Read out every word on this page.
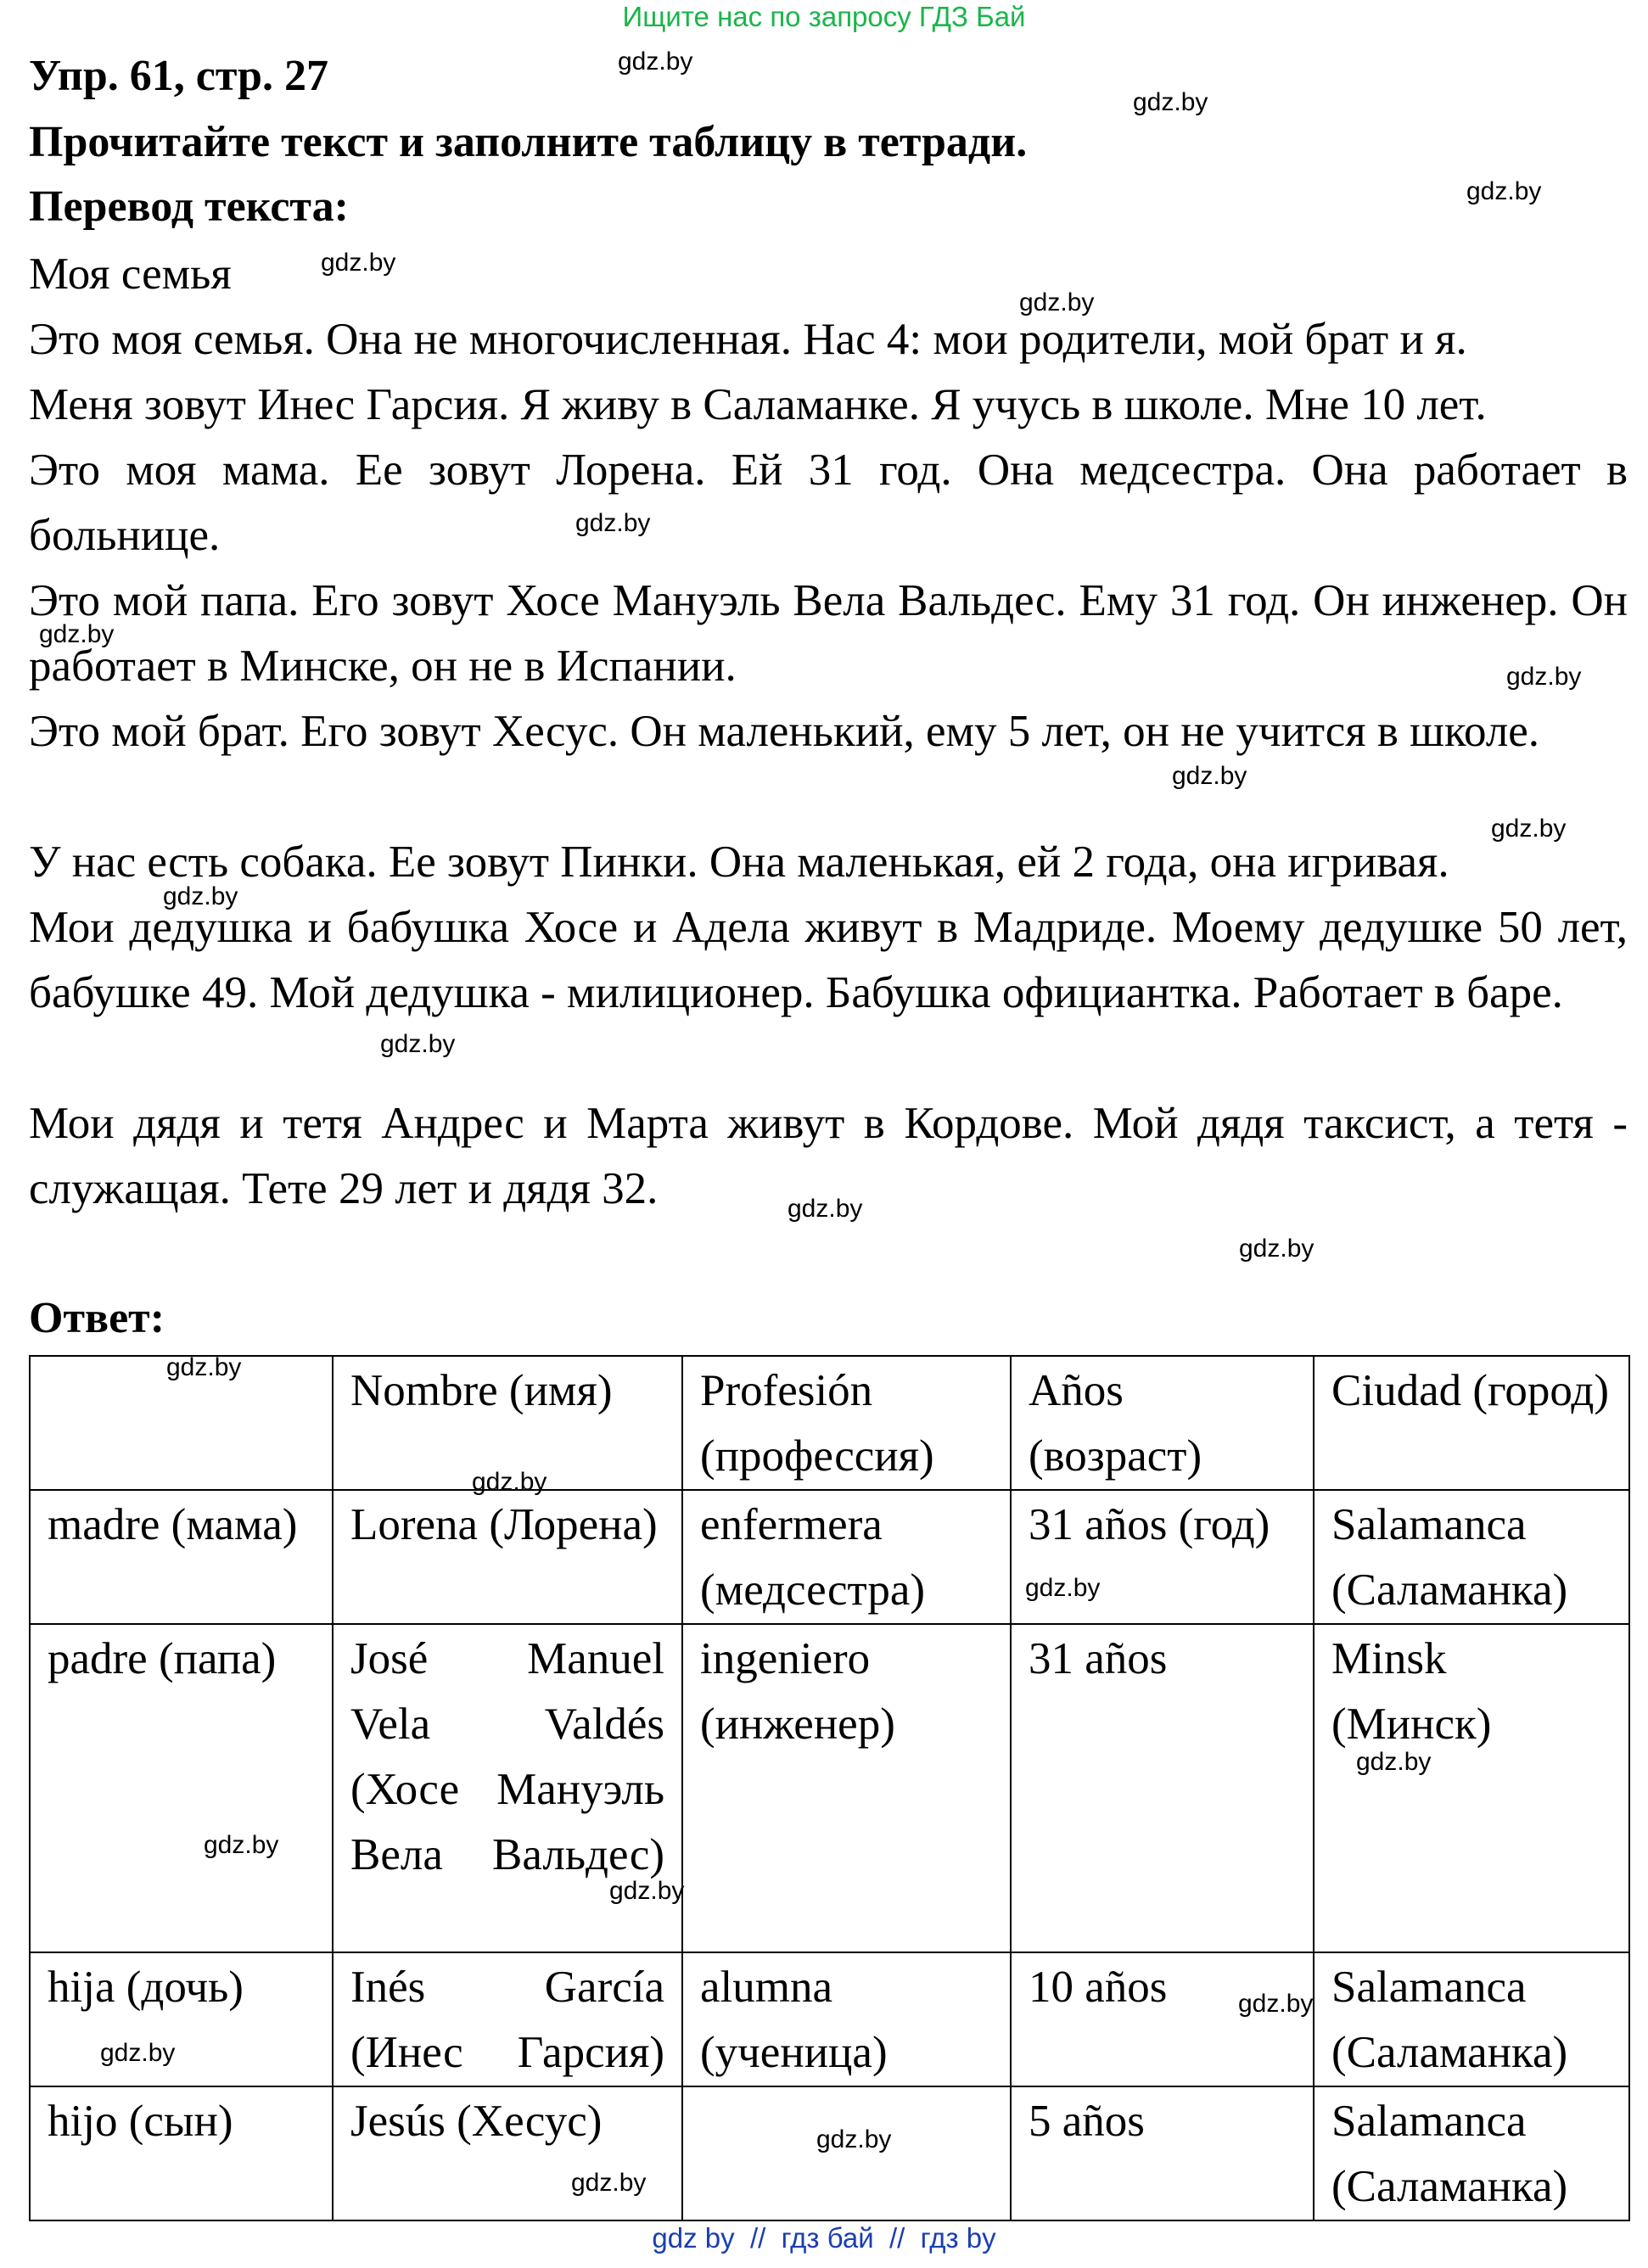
Ищите нас по запросу ГДЗ Бай
Упр. 61, стр. 27
Прочитайте текст и заполните таблицу в тетради.
Перевод текста:
Моя семья
Это моя семья. Она не многочисленная. Нас 4: мои родители, мой брат и я.
Меня зовут Инес Гарсия. Я живу в Саламанке. Я учусь в школе. Мне 10 лет.
Это моя мама. Ее зовут Лорена. Ей 31 год. Она медсестра. Она работает в больнице.
Это мой папа. Его зовут Хосе Мануэль Вела Вальдес. Ему 31 год. Он инженер. Он работает в Минске, он не в Испании.
Это мой брат. Его зовут Хесус. Он маленький, ему 5 лет, он не учится в школе.
У нас есть собака. Ее зовут Пинки. Она маленькая, ей 2 года, она игривая.
Мои дедушка и бабушка Хосе и Адела живут в Мадриде. Моему дедушке 50 лет, бабушке 49. Мой дедушка - милиционер. Бабушка официантка. Работает в баре.
Мои дядя и тетя Андрес и Марта живут в Кордове. Мой дядя таксист, а тетя - служащая. Тете 29 лет и дядя 32.
Ответ:
	Nombre (имя)	Profesión (профессия)	Años (возраст)	Ciudad (город)
madre (мама)	Lorena (Лорена)	enfermera (медсестра)	31 años (год)	Salamanca (Саламанка)
padre (папа)	José Manuel Vela Valdés (Хосе Мануэль Вела Вальдес)	ingeniero (инженер)	31 años	Minsk (Минск)
hija (дочь)	Inés García (Инес Гарсия)	alumna (ученица)	10 años	Salamanca (Саламанка)
hijo (сын)	Jesús (Хесус)		5 años	Salamanca (Саламанка)
gdz.by
gdz.by
gdz.by
gdz.by
gdz.by
gdz.by
gdz.by
gdz.by
gdz.by
gdz.by
gdz.by
gdz.by
gdz.by
gdz.by
gdz.by
gdz.by
gdz.by
gdz.by
gdz.by
gdz.by
gdz.by
gdz.by
gdz.by
gdz.by
gdz by  //  гдз бай  //  гдз by
